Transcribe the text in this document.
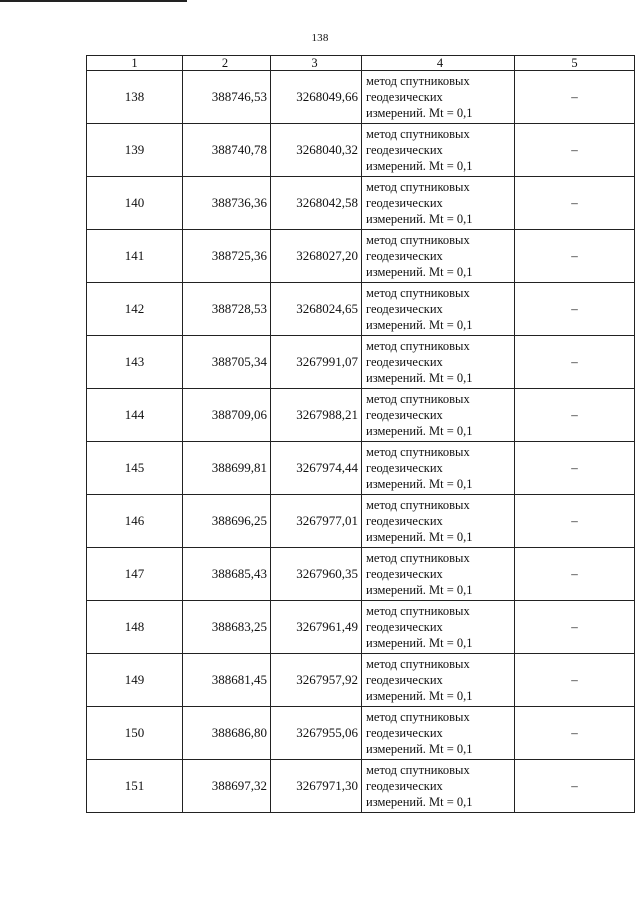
138
1	2	3	4	5
138	388746,53	3268049,66	метод спутниковых
геодезических
измерений. Mt = 0,1	–
139	388740,78	3268040,32	метод спутниковых
геодезических
измерений. Mt = 0,1	–
140	388736,36	3268042,58	метод спутниковых
геодезических
измерений. Mt = 0,1	–
141	388725,36	3268027,20	метод спутниковых
геодезических
измерений. Mt = 0,1	–
142	388728,53	3268024,65	метод спутниковых
геодезических
измерений. Mt = 0,1	–
143	388705,34	3267991,07	метод спутниковых
геодезических
измерений. Mt = 0,1	–
144	388709,06	3267988,21	метод спутниковых
геодезических
измерений. Mt = 0,1	–
145	388699,81	3267974,44	метод спутниковых
геодезических
измерений. Mt = 0,1	–
146	388696,25	3267977,01	метод спутниковых
геодезических
измерений. Mt = 0,1	–
147	388685,43	3267960,35	метод спутниковых
геодезических
измерений. Mt = 0,1	–
148	388683,25	3267961,49	метод спутниковых
геодезических
измерений. Mt = 0,1	–
149	388681,45	3267957,92	метод спутниковых
геодезических
измерений. Mt = 0,1	–
150	388686,80	3267955,06	метод спутниковых
геодезических
измерений. Mt = 0,1	–
151	388697,32	3267971,30	метод спутниковых
геодезических
измерений. Mt = 0,1	–
